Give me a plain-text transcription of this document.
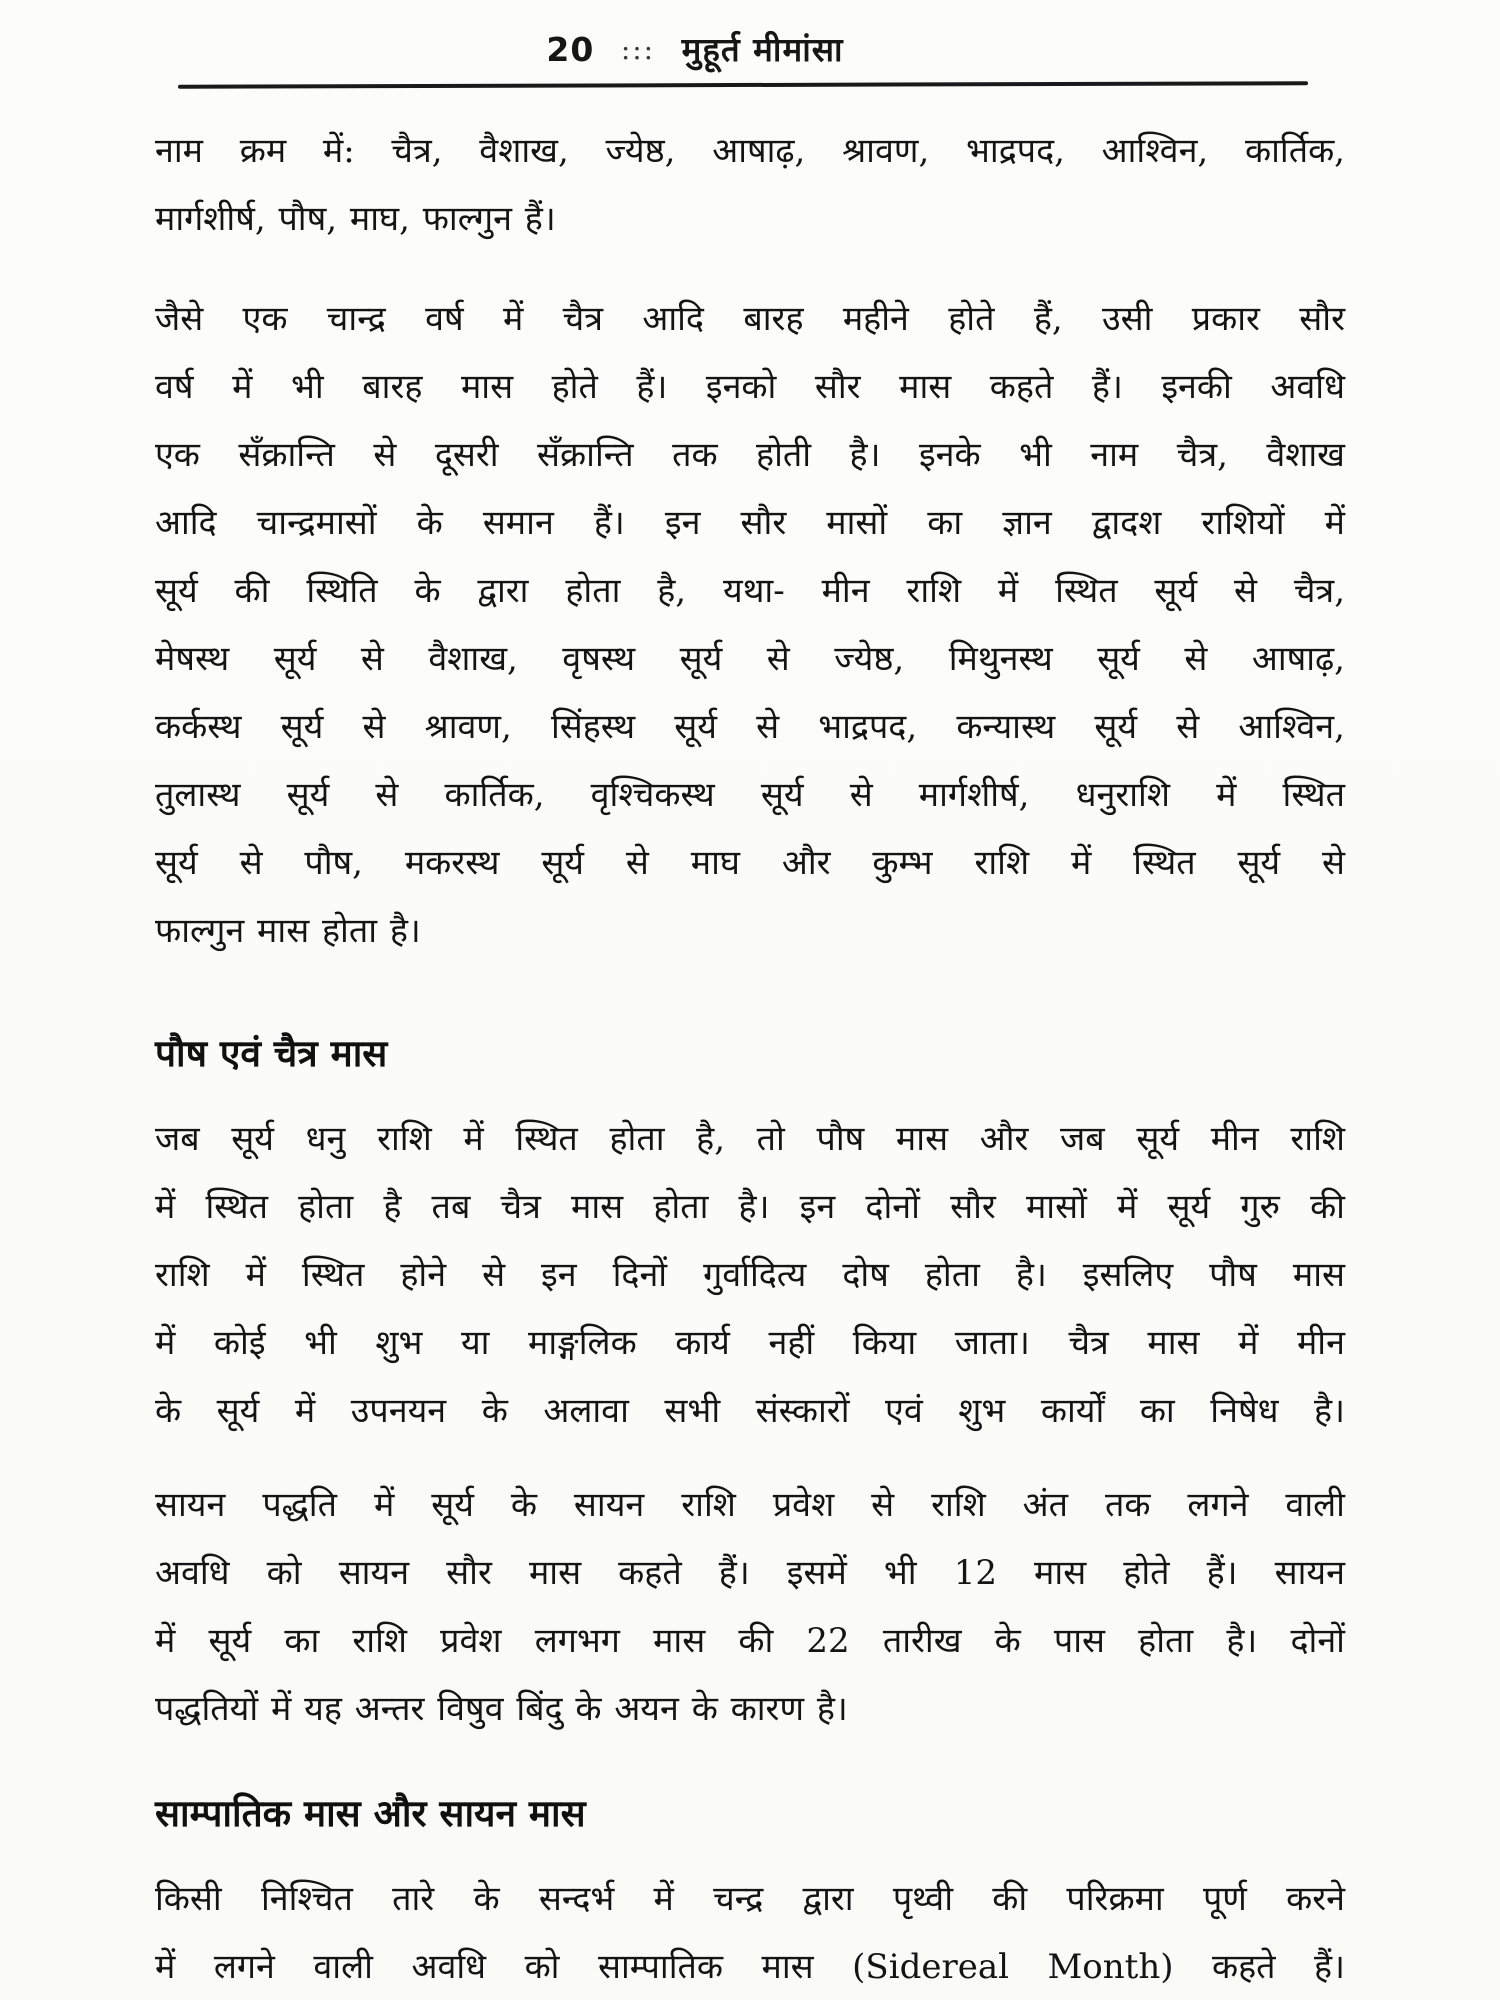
20 ::: मुहूर्त मीमांसा
नाम क्रम में: चैत्र, वैशाख, ज्येष्ठ, आषाढ़, श्रावण, भाद्रपद, आश्विन, कार्तिक,
मार्गशीर्ष, पौष, माघ, फाल्गुन हैं।
जैसे एक चान्द्र वर्ष में चैत्र आदि बारह महीने होते हैं, उसी प्रकार सौर
वर्ष में भी बारह मास होते हैं। इनको सौर मास कहते हैं। इनकी अवधि
एक सँक्रान्ति से दूसरी सँक्रान्ति तक होती है। इनके भी नाम चैत्र, वैशाख
आदि चान्द्रमासों के समान हैं। इन सौर मासों का ज्ञान द्वादश राशियों में
सूर्य की स्थिति के द्वारा होता है, यथा- मीन राशि में स्थित सूर्य से चैत्र,
मेषस्थ सूर्य से वैशाख, वृषस्थ सूर्य से ज्येष्ठ, मिथुनस्थ सूर्य से आषाढ़,
कर्कस्थ सूर्य से श्रावण, सिंहस्थ सूर्य से भाद्रपद, कन्यास्थ सूर्य से आश्विन,
तुलास्थ सूर्य से कार्तिक, वृश्चिकस्थ सूर्य से मार्गशीर्ष, धनुराशि में स्थित
सूर्य से पौष, मकरस्थ सूर्य से माघ और कुम्भ राशि में स्थित सूर्य से
फाल्गुन मास होता है।
पौष एवं चैत्र मास
जब सूर्य धनु राशि में स्थित होता है, तो पौष मास और जब सूर्य मीन राशि
में स्थित होता है तब चैत्र मास होता है। इन दोनों सौर मासों में सूर्य गुरु की
राशि में स्थित होने से इन दिनों गुर्वादित्य दोष होता है। इसलिए पौष मास
में कोई भी शुभ या माङ्गलिक कार्य नहीं किया जाता। चैत्र मास में मीन
के सूर्य में उपनयन के अलावा सभी संस्कारों एवं शुभ कार्यों का निषेध है।
सायन पद्धति में सूर्य के सायन राशि प्रवेश से राशि अंत तक लगने वाली
अवधि को सायन सौर मास कहते हैं। इसमें भी 12 मास होते हैं। सायन
में सूर्य का राशि प्रवेश लगभग मास की 22 तारीख के पास होता है। दोनों
पद्धतियों में यह अन्तर विषुव बिंदु के अयन के कारण है।
साम्पातिक मास और सायन मास
किसी निश्चित तारे के सन्दर्भ में चन्द्र द्वारा पृथ्वी की परिक्रमा पूर्ण करने
में लगने वाली अवधि को साम्पातिक मास (Sidereal Month) कहते हैं।
